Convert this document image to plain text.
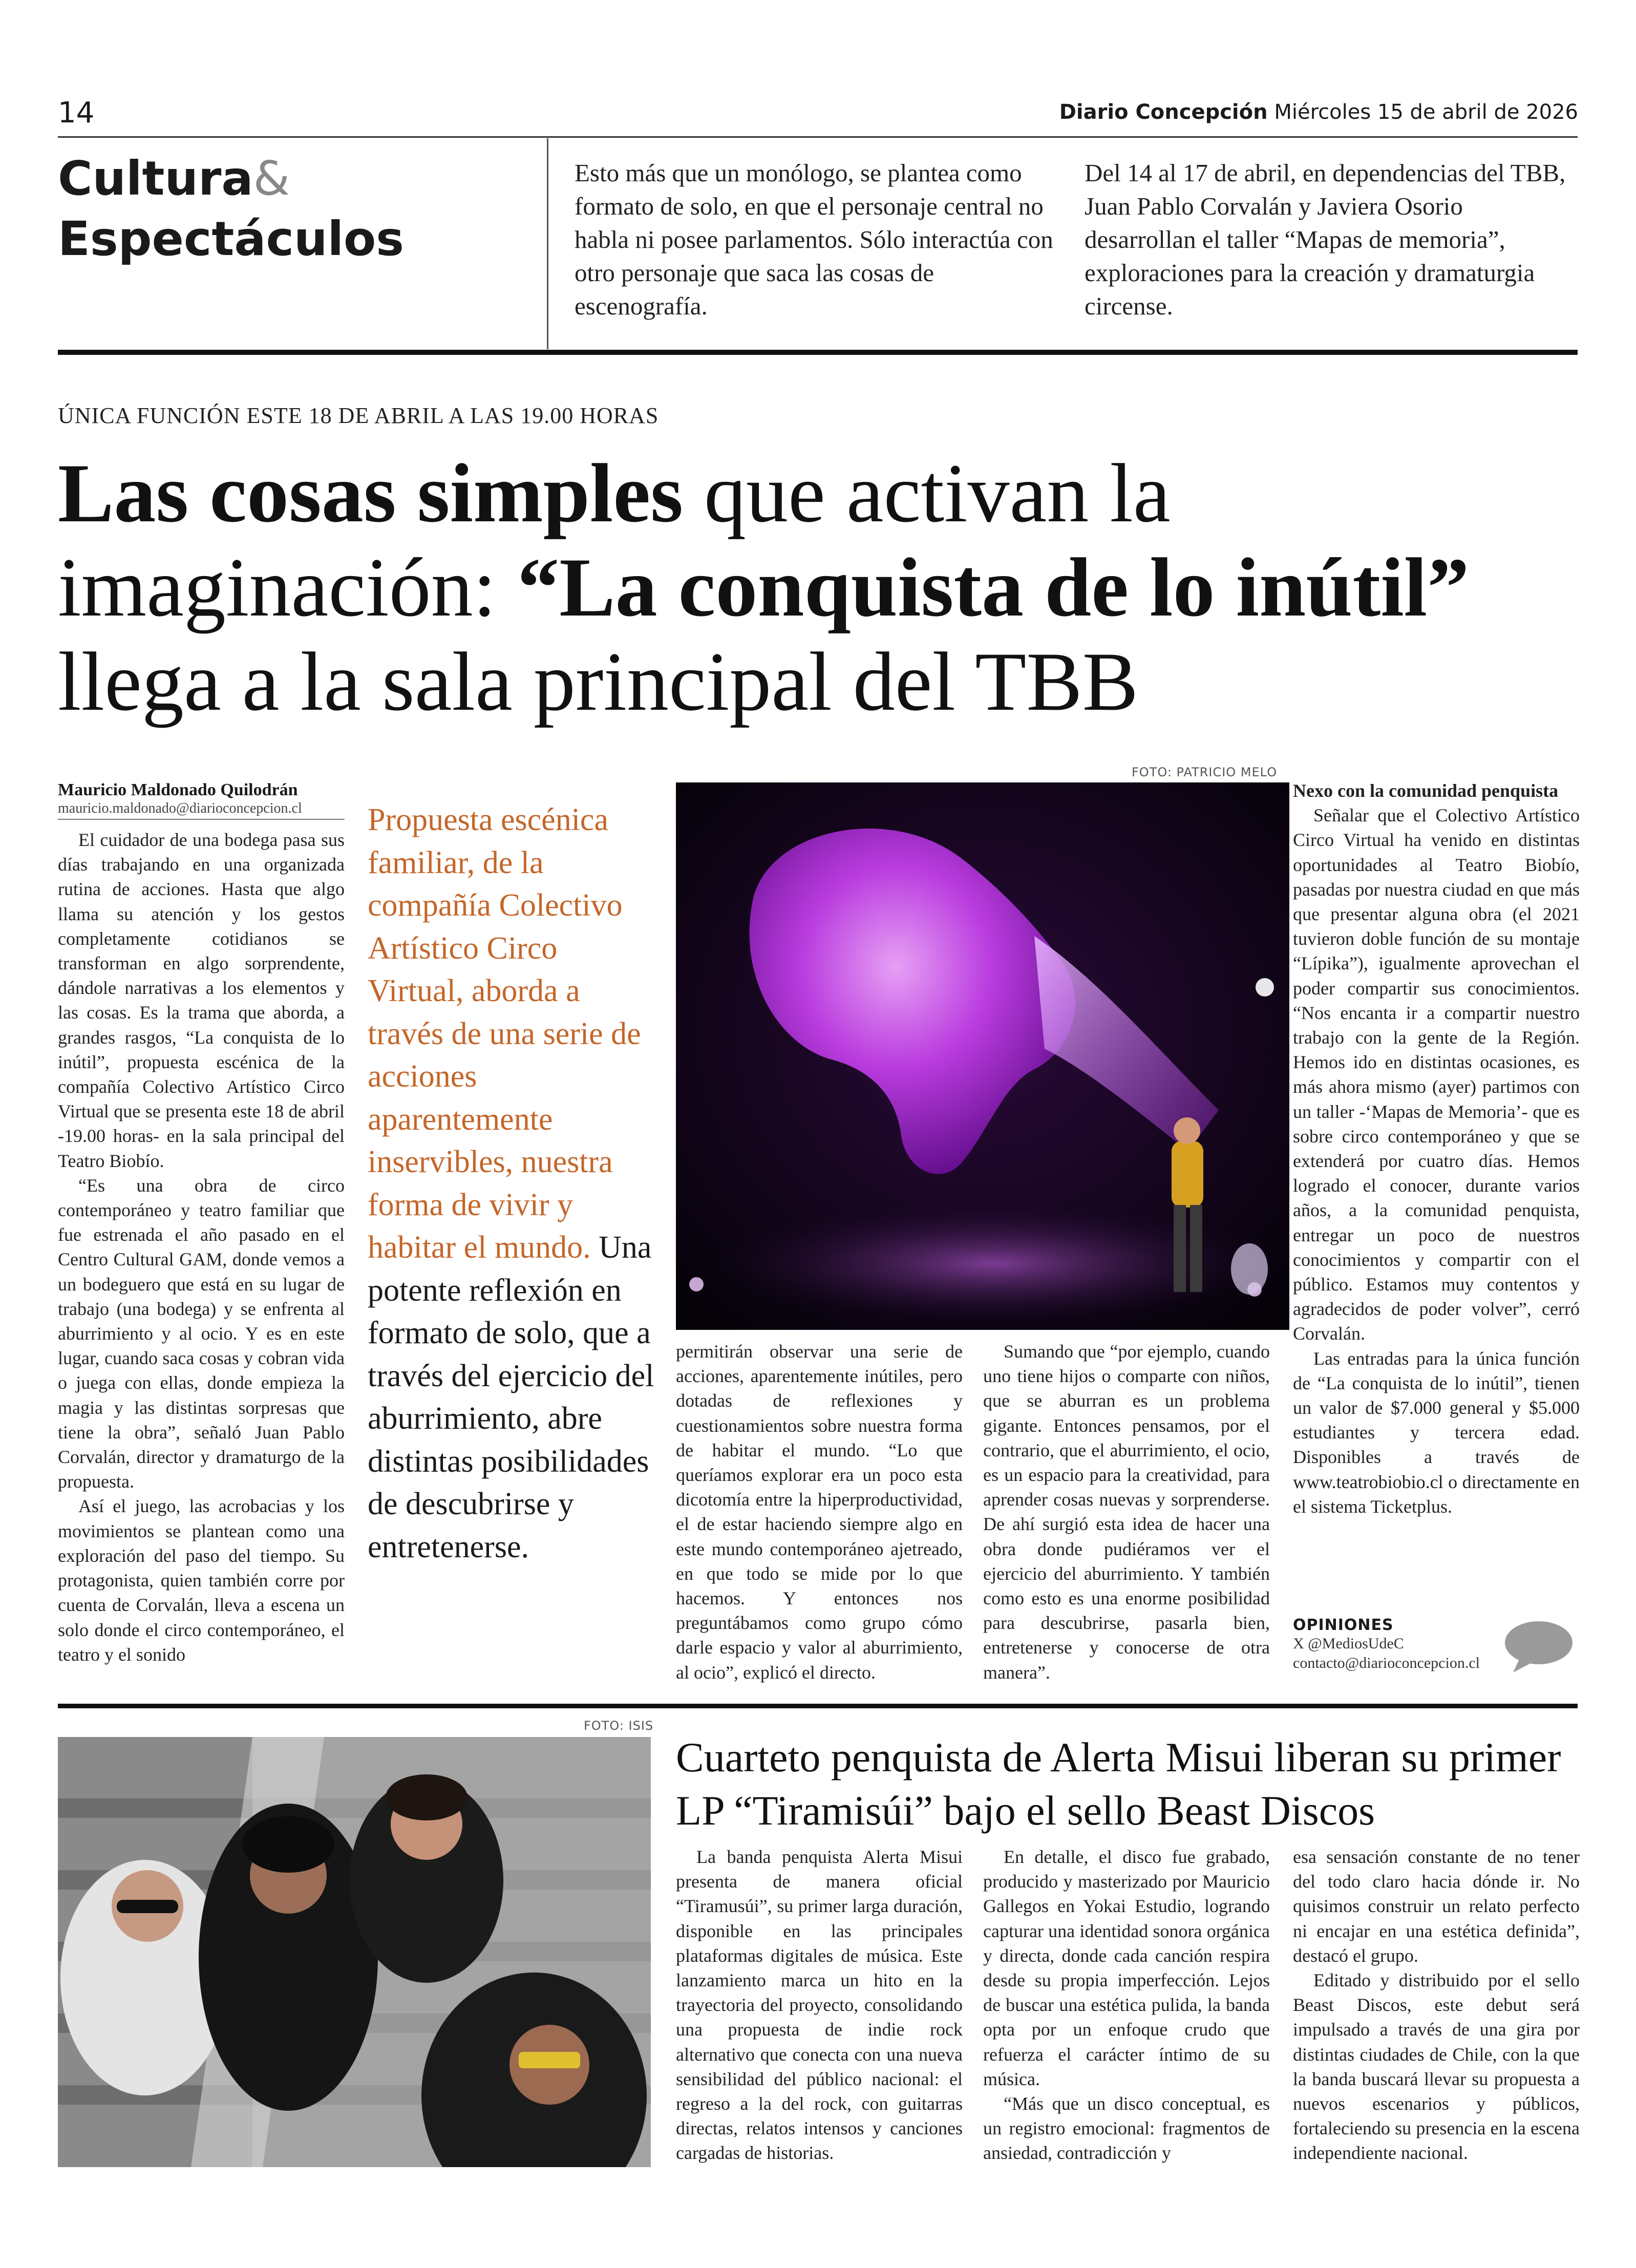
14	Diario Concepción Miércoles 15 de abril de 2026
Cultura&
Espectáculos
Esto más que un monólogo, se plantea como formato de solo, en que el personaje central no habla ni posee parlamentos. Sólo interactúa con otro personaje que saca las cosas de escenografía.
Del 14 al 17 de abril, en dependencias del TBB, Juan Pablo Corvalán y Javiera Osorio desarrollan el taller “Mapas de memoria”, exploraciones para la creación y dramaturgia circense.
ÚNICA FUNCIÓN ESTE 18 DE ABRIL A LAS 19.00 HORAS
Las cosas simples que activan la imaginación: “La conquista de lo inútil” llega a la sala principal del TBB
Mauricio Maldonado Quilodrán
mauricio.maldonado@diarioconcepcion.cl

El cuidador de una bodega pasa sus días trabajando en una organizada rutina de acciones. Hasta que algo llama su atención y los gestos completamente cotidianos se transforman en algo sorprendente, dándole narrativas a los elementos y las cosas. Es la trama que aborda, a grandes rasgos, “La conquista de lo inútil”, propuesta escénica de la compañía Colectivo Artístico Circo Virtual que se presenta este 18 de abril -19.00 horas- en la sala principal del Teatro Biobío.

“Es una obra de circo contemporáneo y teatro familiar que fue estrenada el año pasado en el Centro Cultural GAM, donde vemos a un bodeguero que está en su lugar de trabajo (una bodega) y se enfrenta al aburrimiento y al ocio. Y es en este lugar, cuando saca cosas y cobran vida o juega con ellas, donde empieza la magia y las distintas sorpresas que tiene la obra”, señaló Juan Pablo Corvalán, director y dramaturgo de la propuesta.

Así el juego, las acrobacias y los movimientos se plantean como una exploración del paso del tiempo. Su protagonista, quien también corre por cuenta de Corvalán, lleva a escena un solo donde el circo contemporáneo, el teatro y el sonido

Propuesta escénica familiar, de la compañía Colectivo Artístico Circo Virtual, aborda a través de una serie de acciones aparentemente inservibles, nuestra forma de vivir y habitar el mundo. Una potente reflexión en formato de solo, que a través del ejercicio del aburrimiento, abre distintas posibilidades de descubrirse y entretenerse.
FOTO: PATRICIO MELO

permitirán observar una serie de acciones, aparentemente inútiles, pero dotadas de reflexiones y cuestionamientos sobre nuestra forma de habitar el mundo. “Lo que queríamos explorar era un poco esta dicotomía entre la hiperproductividad, el de estar haciendo siempre algo en este mundo contemporáneo ajetreado, en que todo se mide por lo que hacemos. Y entonces nos preguntábamos como grupo cómo darle espacio y valor al aburrimiento, al ocio”, explicó el directo.

Sumando que “por ejemplo, cuando uno tiene hijos o comparte con niños, que se aburran es un problema gigante. Entonces pensamos, por el contrario, que el aburrimiento, el ocio, es un espacio para la creatividad, para aprender cosas nuevas y sorprenderse. De ahí surgió esta idea de hacer una obra donde pudiéramos ver el ejercicio del aburrimiento. Y también como esto es una enorme posibilidad para descubrirse, pasarla bien, entretenerse y conocerse de otra manera”.

Nexo con la comunidad penquista

Señalar que el Colectivo Artístico Circo Virtual ha venido en distintas oportunidades al Teatro Biobío, pasadas por nuestra ciudad en que más que presentar alguna obra (el 2021 tuvieron doble función de su montaje “Lípika”), igualmente aprovechan el poder compartir sus conocimientos. “Nos encanta ir a compartir nuestro trabajo con la gente de la Región. Hemos ido en distintas ocasiones, es más ahora mismo (ayer) partimos con un taller -‘Mapas de Memoria’- que es sobre circo contemporáneo y que se extenderá por cuatro días. Hemos logrado el conocer, durante varios años, a la comunidad penquista, entregar un poco de nuestros conocimientos y compartir con el público. Estamos muy contentos y agradecidos de poder volver”, cerró Corvalán.

Las entradas para la única función de “La conquista de lo inútil”, tienen un valor de $7.000 general y $5.000 estudiantes y tercera edad. Disponibles a través de www.teatrobiobio.cl o directamente en el sistema Ticketplus.

OPINIONES
X @MediosUdeC
contacto@diarioconcepcion.cl
FOTO: ISIS
Cuarteto penquista de Alerta Misui liberan su primer LP “Tiramisúi” bajo el sello Beast Discos

La banda penquista Alerta Misui presenta de manera oficial “Tiramusúi”, su primer larga duración, disponible en las principales plataformas digitales de música. Este lanzamiento marca un hito en la trayectoria del proyecto, consolidando una propuesta de indie rock alternativo que conecta con una nueva sensibilidad del público nacional: el regreso a la del rock, con guitarras directas, relatos intensos y canciones cargadas de historias.

En detalle, el disco fue grabado, producido y masterizado por Mauricio Gallegos en Yokai Estudio, logrando capturar una identidad sonora orgánica y directa, donde cada canción respira desde su propia imperfección. Lejos de buscar una estética pulida, la banda opta por un enfoque crudo que refuerza el carácter íntimo de su música.

“Más que un disco conceptual, es un registro emocional: fragmentos de ansiedad, contradicción y

esa sensación constante de no tener del todo claro hacia dónde ir. No quisimos construir un relato perfecto ni encajar en una estética definida”, destacó el grupo.

Editado y distribuido por el sello Beast Discos, este debut será impulsado a través de una gira por distintas ciudades de Chile, con la que la banda buscará llevar su propuesta a nuevos escenarios y públicos, fortaleciendo su presencia en la escena independiente nacional.
